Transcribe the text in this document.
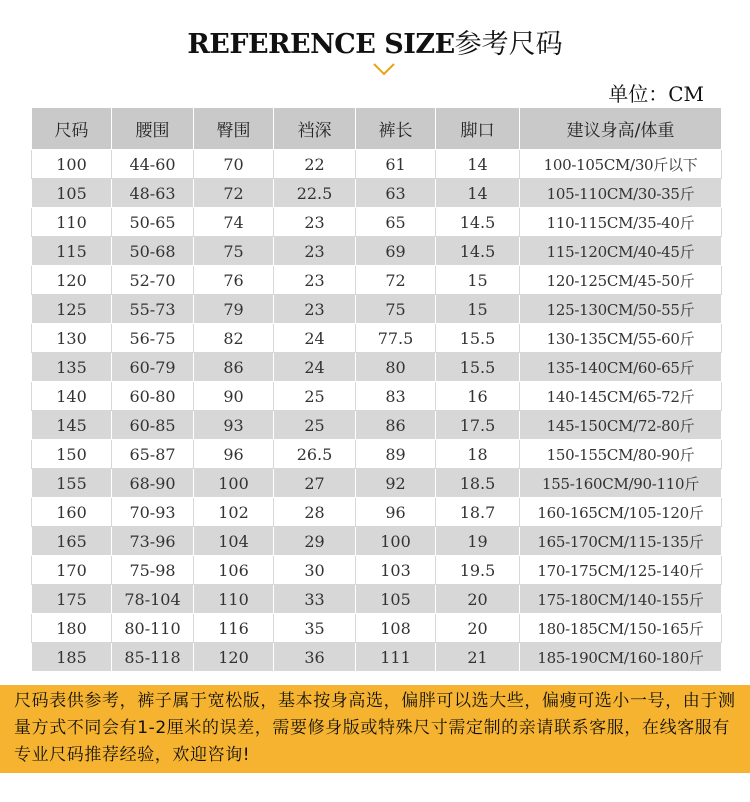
REFERENCE SIZE参考尺码
单位：CM
尺码	腰围	臀围	裆深	裤长	脚口	建议身高/体重
100	44-60	70	22	61	14	100-105CM/30斤以下
105	48-63	72	22.5	63	14	105-110CM/30-35斤
110	50-65	74	23	65	14.5	110-115CM/35-40斤
115	50-68	75	23	69	14.5	115-120CM/40-45斤
120	52-70	76	23	72	15	120-125CM/45-50斤
125	55-73	79	23	75	15	125-130CM/50-55斤
130	56-75	82	24	77.5	15.5	130-135CM/55-60斤
135	60-79	86	24	80	15.5	135-140CM/60-65斤
140	60-80	90	25	83	16	140-145CM/65-72斤
145	60-85	93	25	86	17.5	145-150CM/72-80斤
150	65-87	96	26.5	89	18	150-155CM/80-90斤
155	68-90	100	27	92	18.5	155-160CM/90-110斤
160	70-93	102	28	96	18.7	160-165CM/105-120斤
165	73-96	104	29	100	19	165-170CM/115-135斤
170	75-98	106	30	103	19.5	170-175CM/125-140斤
175	78-104	110	33	105	20	175-180CM/140-155斤
180	80-110	116	35	108	20	180-185CM/150-165斤
185	85-118	120	36	111	21	185-190CM/160-180斤
尺码表供参考，裤子属于宽松版，基本按身高选，偏胖可以选大些，偏瘦可选小一号，由于测量方式不同会有1-2厘米的误差，需要修身版或特殊尺寸需定制的亲请联系客服，在线客服有专业尺码推荐经验，欢迎咨询!
